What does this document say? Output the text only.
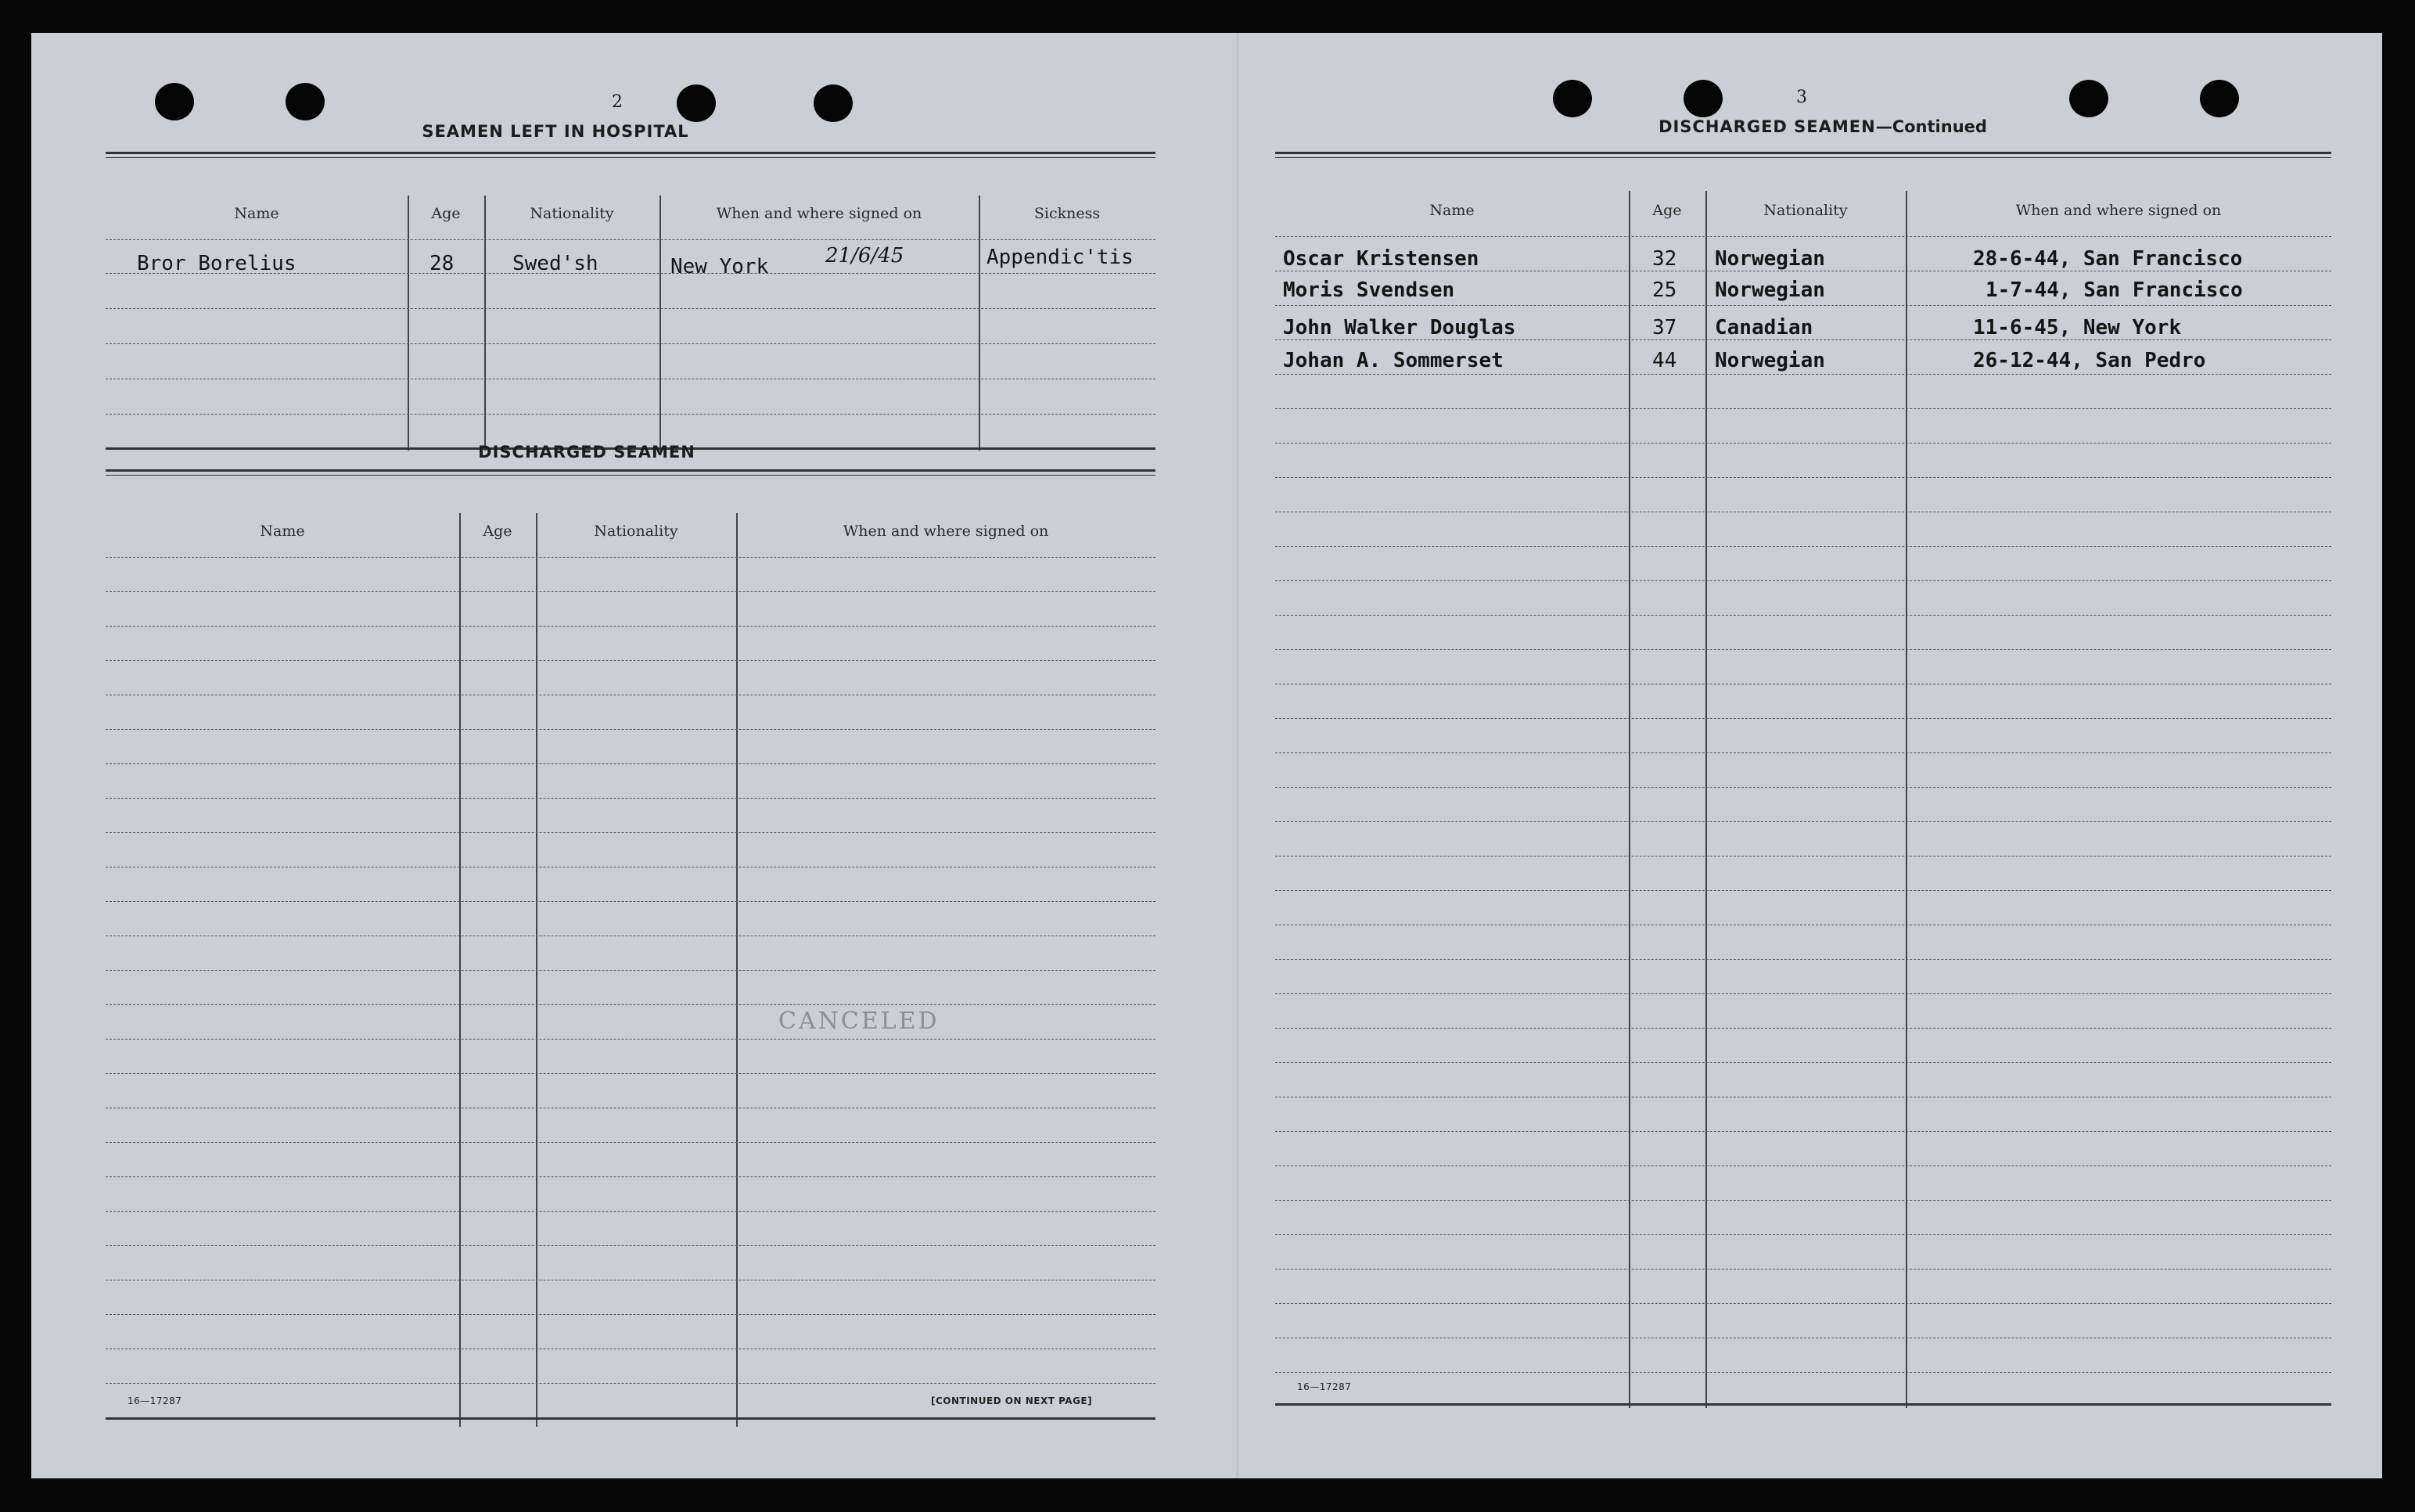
2
SEAMEN LEFT IN HOSPITAL
Name	Age	Nationality	When and where signed on	Sickness
Bror Borelius	28	Swed'sh	New York	21/6/45	Appendic'tis
DISCHARGED SEAMEN
Name	Age	Nationality	When and where signed on
CANCELED
16—17287	[CONTINUED ON NEXT PAGE]
3
DISCHARGED SEAMEN—Continued
Name	Age	Nationality	When and where signed on
Oscar Kristensen	32 Norwegian	28-6-44, San Francisco
Moris Svendsen	25 Norwegian	1-7-44, San Francisco
John Walker Douglas	37 Canadian	11-6-45, New York
Johan A. Sommerset	44 Norwegian	26-12-44, San Pedro
16—17287
